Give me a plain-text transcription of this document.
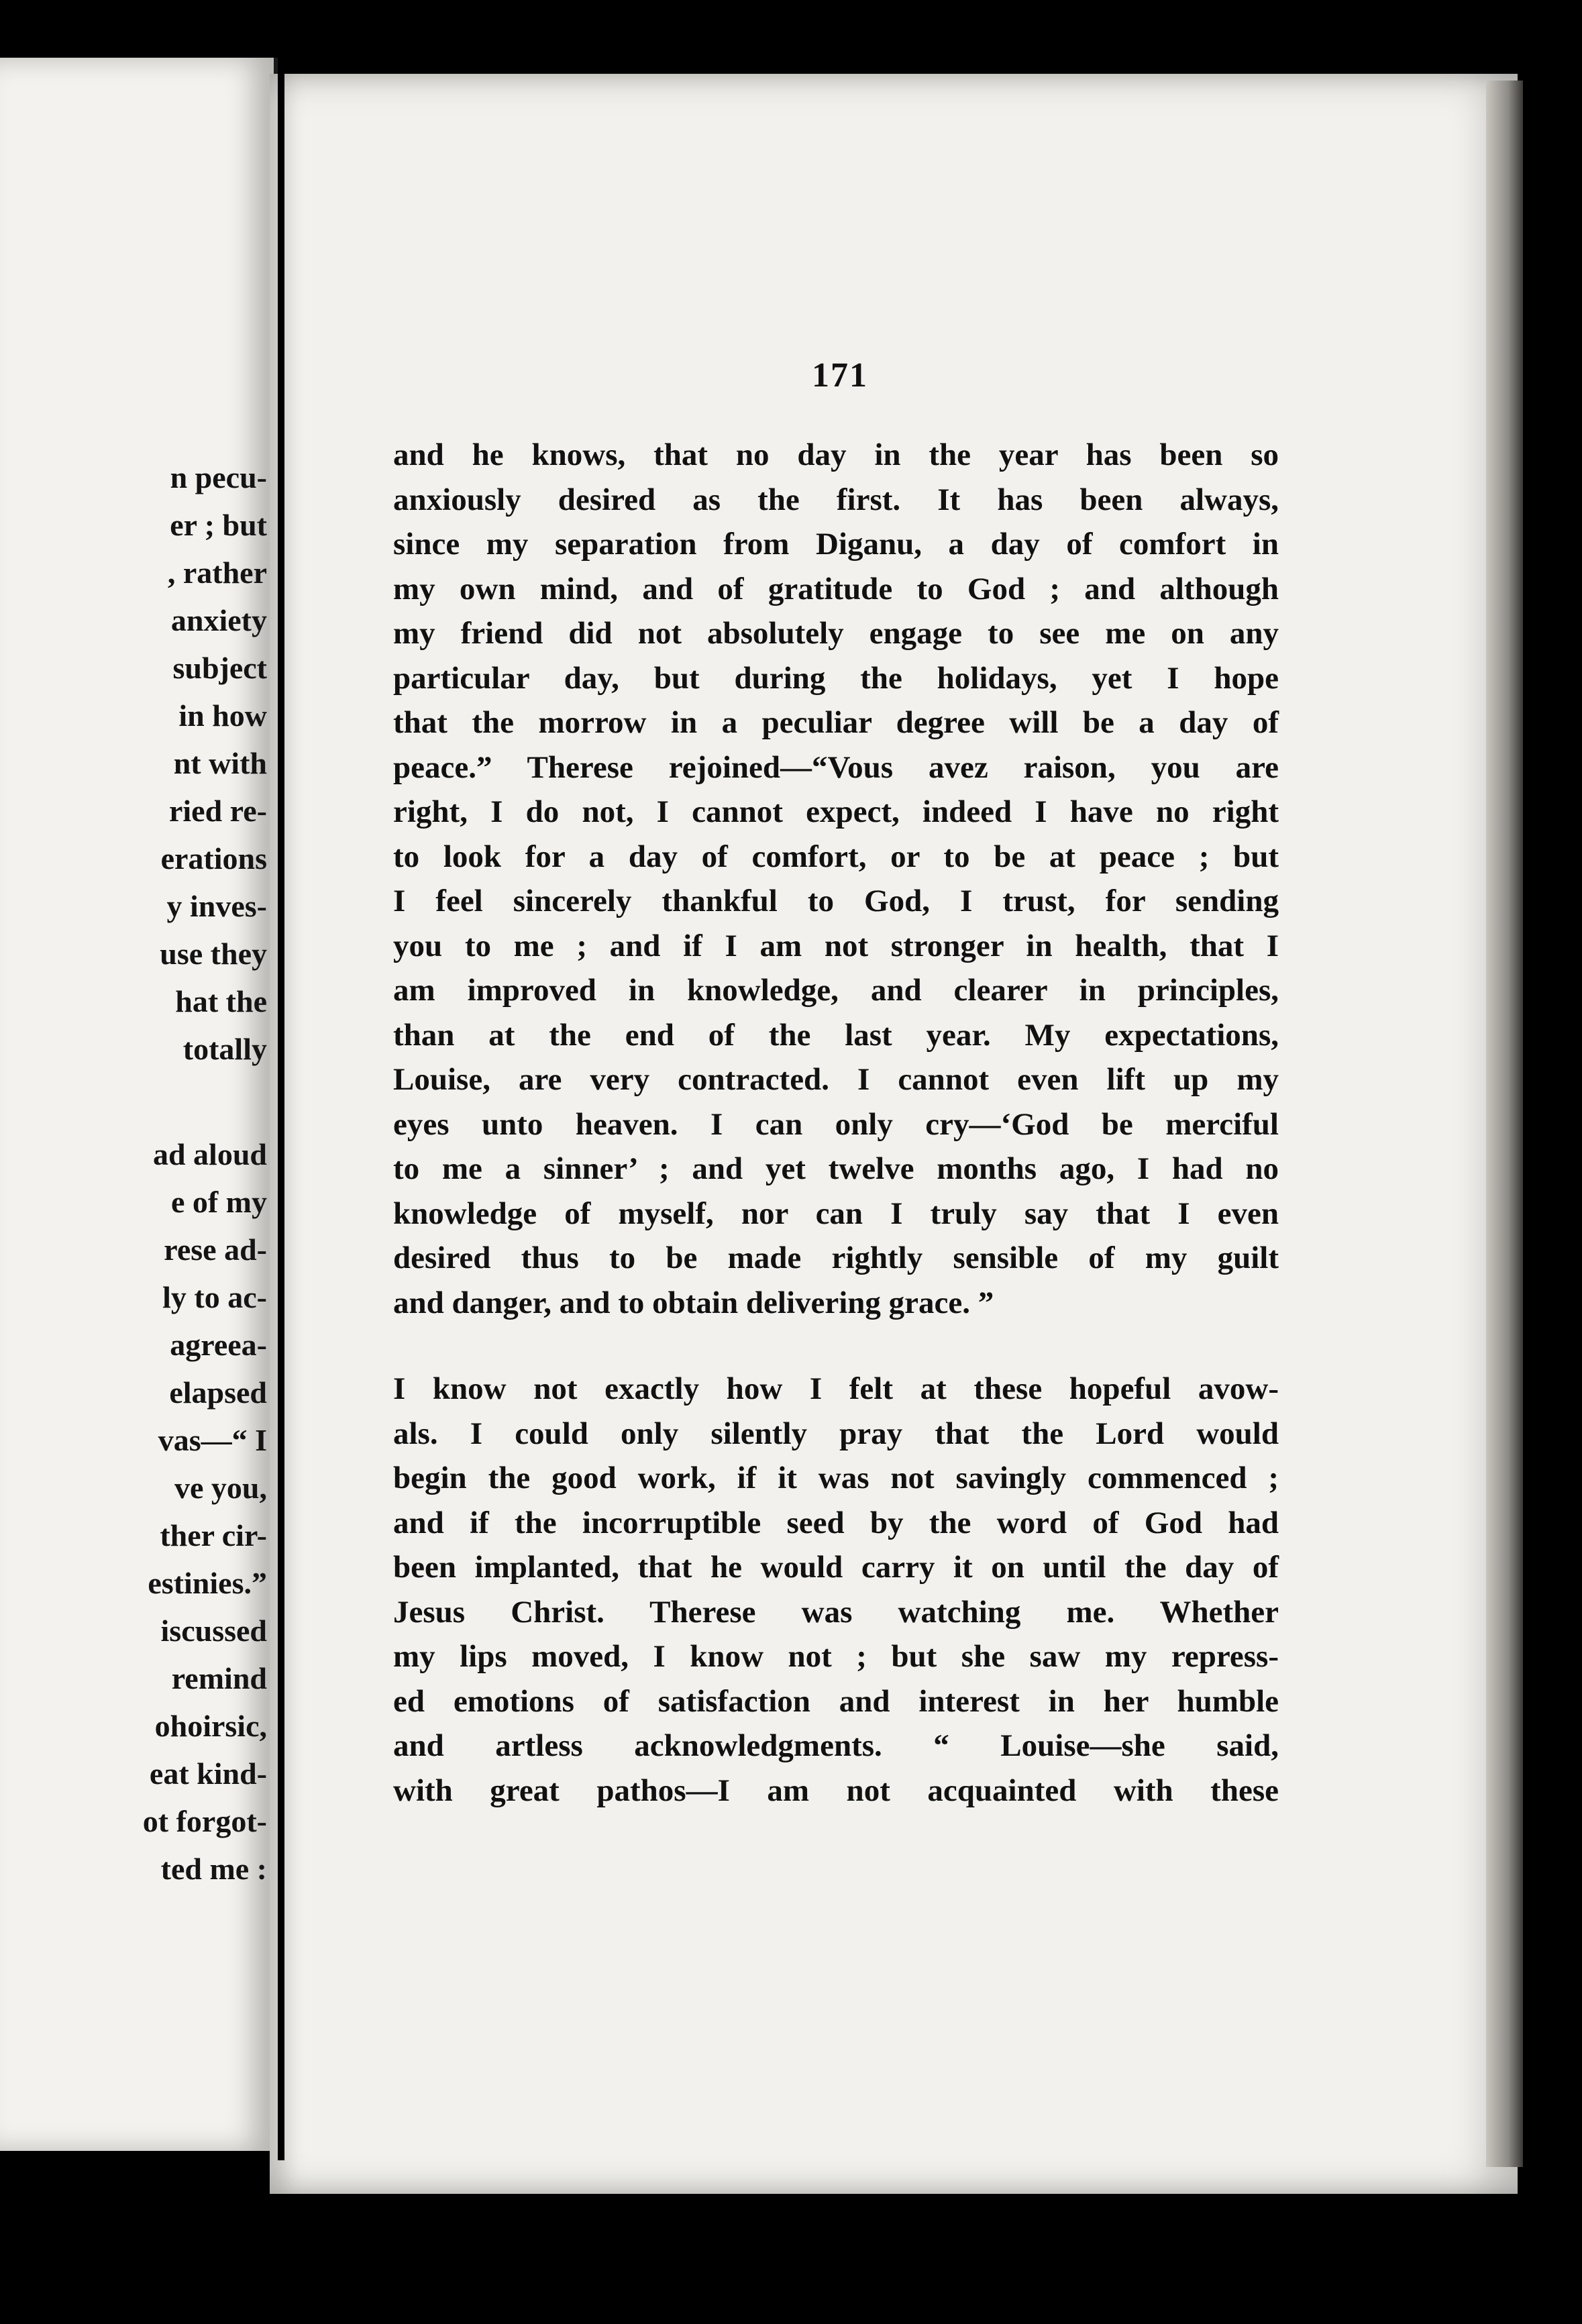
n pecu-
er ; but
, rather
anxiety
subject
in how
nt with
ried re-
erations
y inves-
use they
hat the
totally
ad aloud
e of my
rese ad-
ly to ac-
agreea-
elapsed
vas—“ I
ve you,
ther cir-
estinies.”
iscussed
remind
ohoirsic,
eat kind-
ot forgot-
ted me :
171
and he knows, that no day in the year has been so
anxiously desired as the first. It has been always,
since my separation from Diganu, a day of comfort in
my own mind, and of gratitude to God ; and although
my friend did not absolutely engage to see me on any
particular day, but during the holidays, yet I hope
that the morrow in a peculiar degree will be a day of
peace.” Therese rejoined—“Vous avez raison, you are
right, I do not, I cannot expect, indeed I have no right
to look for a day of comfort, or to be at peace ; but
I feel sincerely thankful to God, I trust, for sending
you to me ; and if I am not stronger in health, that I
am improved in knowledge, and clearer in principles,
than at the end of the last year. My expectations,
Louise, are very contracted. I cannot even lift up my
eyes unto heaven. I can only cry—‘God be merciful
to me a sinner’ ; and yet twelve months ago, I had no
knowledge of myself, nor can I truly say that I even
desired thus to be made rightly sensible of my guilt
and danger, and to obtain delivering grace. ”
I know not exactly how I felt at these hopeful avow-
als. I could only silently pray that the Lord would
begin the good work, if it was not savingly commenced ;
and if the incorruptible seed by the word of God had
been implanted, that he would carry it on until the day of
Jesus Christ. Therese was watching me. Whether
my lips moved, I know not ; but she saw my repress-
ed emotions of satisfaction and interest in her humble
and artless acknowledgments. “ Louise—she said,
with great pathos—I am not acquainted with these
